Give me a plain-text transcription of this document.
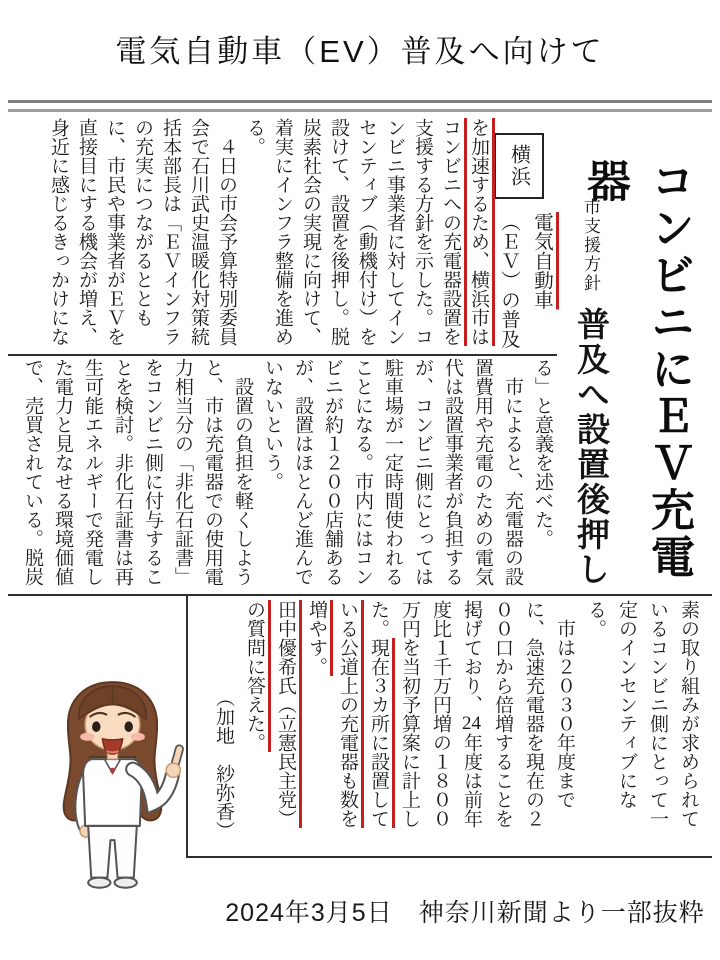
電気自動車（EV）普及へ向けて
コンビニにＥＶ充電器
市支援方針 普及へ設置後押し
横浜

電気自動車

（ＥＶ）の普及

を加速するため、横浜市はコンビニへの充電器設置を支援する方針を示した。コンビニ事業者に対してインセンティブ（動機付け）を設けて、設置を後押し。脱炭素社会の実現に向けて、着実にインフラ整備を進める。

　４日の市会予算特別委員会で石川武史温暖化対策統括本部長は「ＥＶインフラの充実につながるとともに、市民や事業者がＥＶを直接目にする機会が増え、身近に感じるきっかけにな

る」と意義を述べた。

　市によると、充電器の設置費用や充電のための電気代は設置事業者が負担するが、コンビニ側にとっては駐車場が一定時間使われることになる。市内にはコンビニが約１２００店舗あるが、設置はほとんど進んでいないという。

　設置の負担を軽くしようと、市は充電器での使用電力相当分の「非化石証書」をコンビニ側に付与することを検討。非化石証書は再生可能エネルギーで発電した電力と見なせる環境価値で、売買されている。脱炭

素の取り組みが求められているコンビニ側にとって一定のインセンティブになる。

　市は２０３０年度までに、急速充電器を現在の２００口から倍増することを掲げており、24年度は前年度比１千万円増の１８００万円を当初予算案に計上した。現在３カ所に設置している公道上の充電器も数を増やす。

田中優希氏（立憲民主党）の質問に答えた。

（加地　紗弥香）

2024年3月5日　神奈川新聞より一部抜粋
